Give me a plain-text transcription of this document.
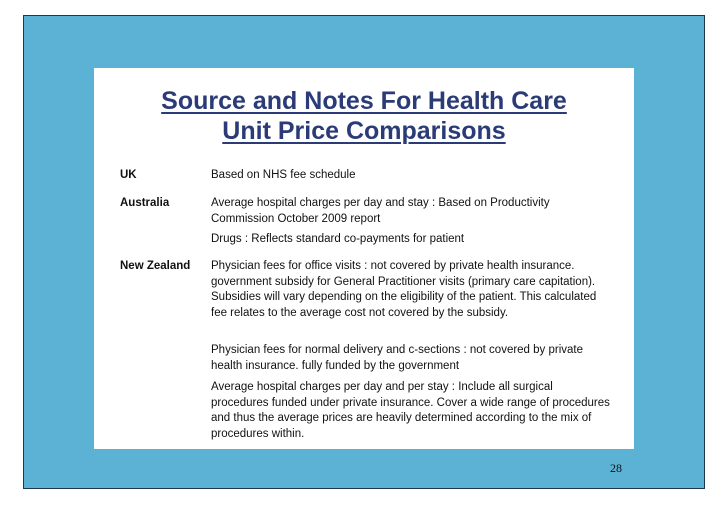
Source and Notes For Health Care
Unit Price Comparisons
UK	Based on NHS fee schedule
Australia	Average hospital charges per day and stay : Based on Productivity Commission October 2009 report
Drugs : Reflects standard co-payments for patient
New Zealand Physician fees for office visits : not covered by private health insurance. government subsidy for General Practitioner visits (primary care capitation). Subsidies will vary depending on the eligibility of the patient. This calculated fee relates to the average cost not covered by the subsidy.
Physician fees for normal delivery and c-sections : not covered by private health insurance. fully funded by the government
Average hospital charges per day and per stay : Include all surgical procedures funded under private insurance. Cover a wide range of procedures and thus the average prices are heavily determined according to the mix of procedures within.
28
